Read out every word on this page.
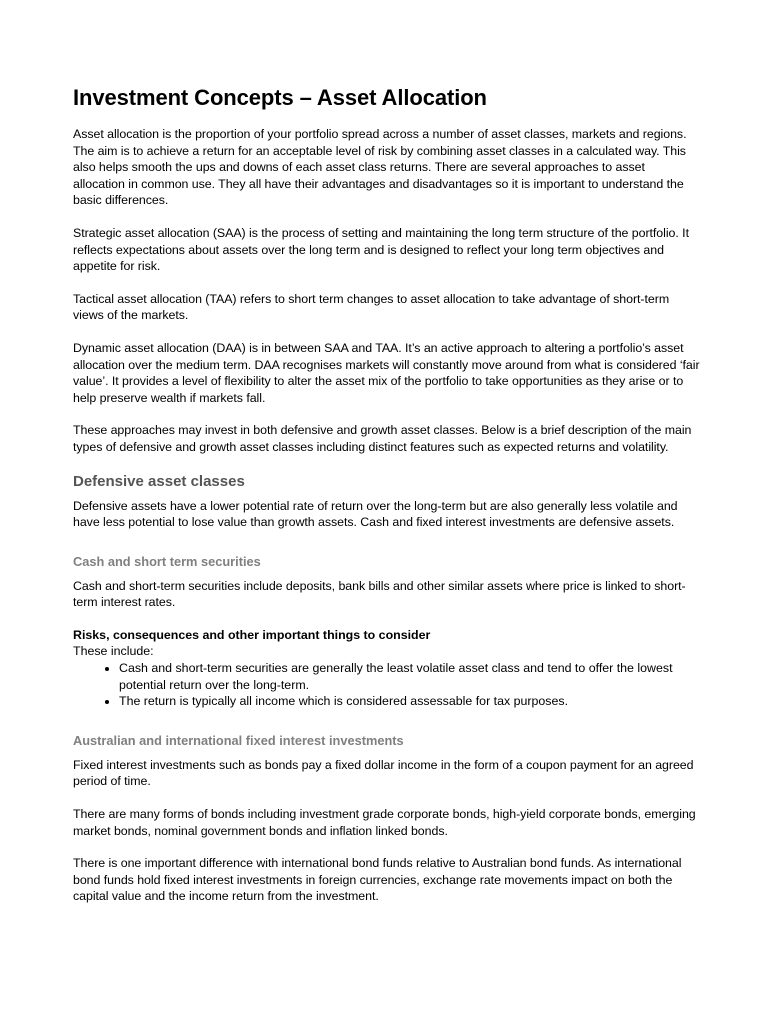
Investment Concepts – Asset Allocation

Asset allocation is the proportion of your portfolio spread across a number of asset classes, markets and regions. The aim is to achieve a return for an acceptable level of risk by combining asset classes in a calculated way. This also helps smooth the ups and downs of each asset class returns. There are several approaches to asset allocation in common use. They all have their advantages and disadvantages so it is important to understand the basic differences.

Strategic asset allocation (SAA) is the process of setting and maintaining the long term structure of the portfolio. It reflects expectations about assets over the long term and is designed to reflect your long term objectives and appetite for risk.

Tactical asset allocation (TAA) refers to short term changes to asset allocation to take advantage of short-term views of the markets.

Dynamic asset allocation (DAA) is in between SAA and TAA. It’s an active approach to altering a portfolio’s asset allocation over the medium term. DAA recognises markets will constantly move around from what is considered ‘fair value’. It provides a level of flexibility to alter the asset mix of the portfolio to take opportunities as they arise or to help preserve wealth if markets fall.

These approaches may invest in both defensive and growth asset classes. Below is a brief description of the main types of defensive and growth asset classes including distinct features such as expected returns and volatility.

Defensive asset classes

Defensive assets have a lower potential rate of return over the long-term but are also generally less volatile and have less potential to lose value than growth assets. Cash and fixed interest investments are defensive assets.

Cash and short term securities

Cash and short-term securities include deposits, bank bills and other similar assets where price is linked to short-term interest rates.

Risks, consequences and other important things to consider
These include:
• Cash and short-term securities are generally the least volatile asset class and tend to offer the lowest potential return over the long-term.
• The return is typically all income which is considered assessable for tax purposes.
Australian and international fixed interest investments

Fixed interest investments such as bonds pay a fixed dollar income in the form of a coupon payment for an agreed period of time.

There are many forms of bonds including investment grade corporate bonds, high-yield corporate bonds, emerging market bonds, nominal government bonds and inflation linked bonds.

There is one important difference with international bond funds relative to Australian bond funds. As international bond funds hold fixed interest investments in foreign currencies, exchange rate movements impact on both the capital value and the income return from the investment.
